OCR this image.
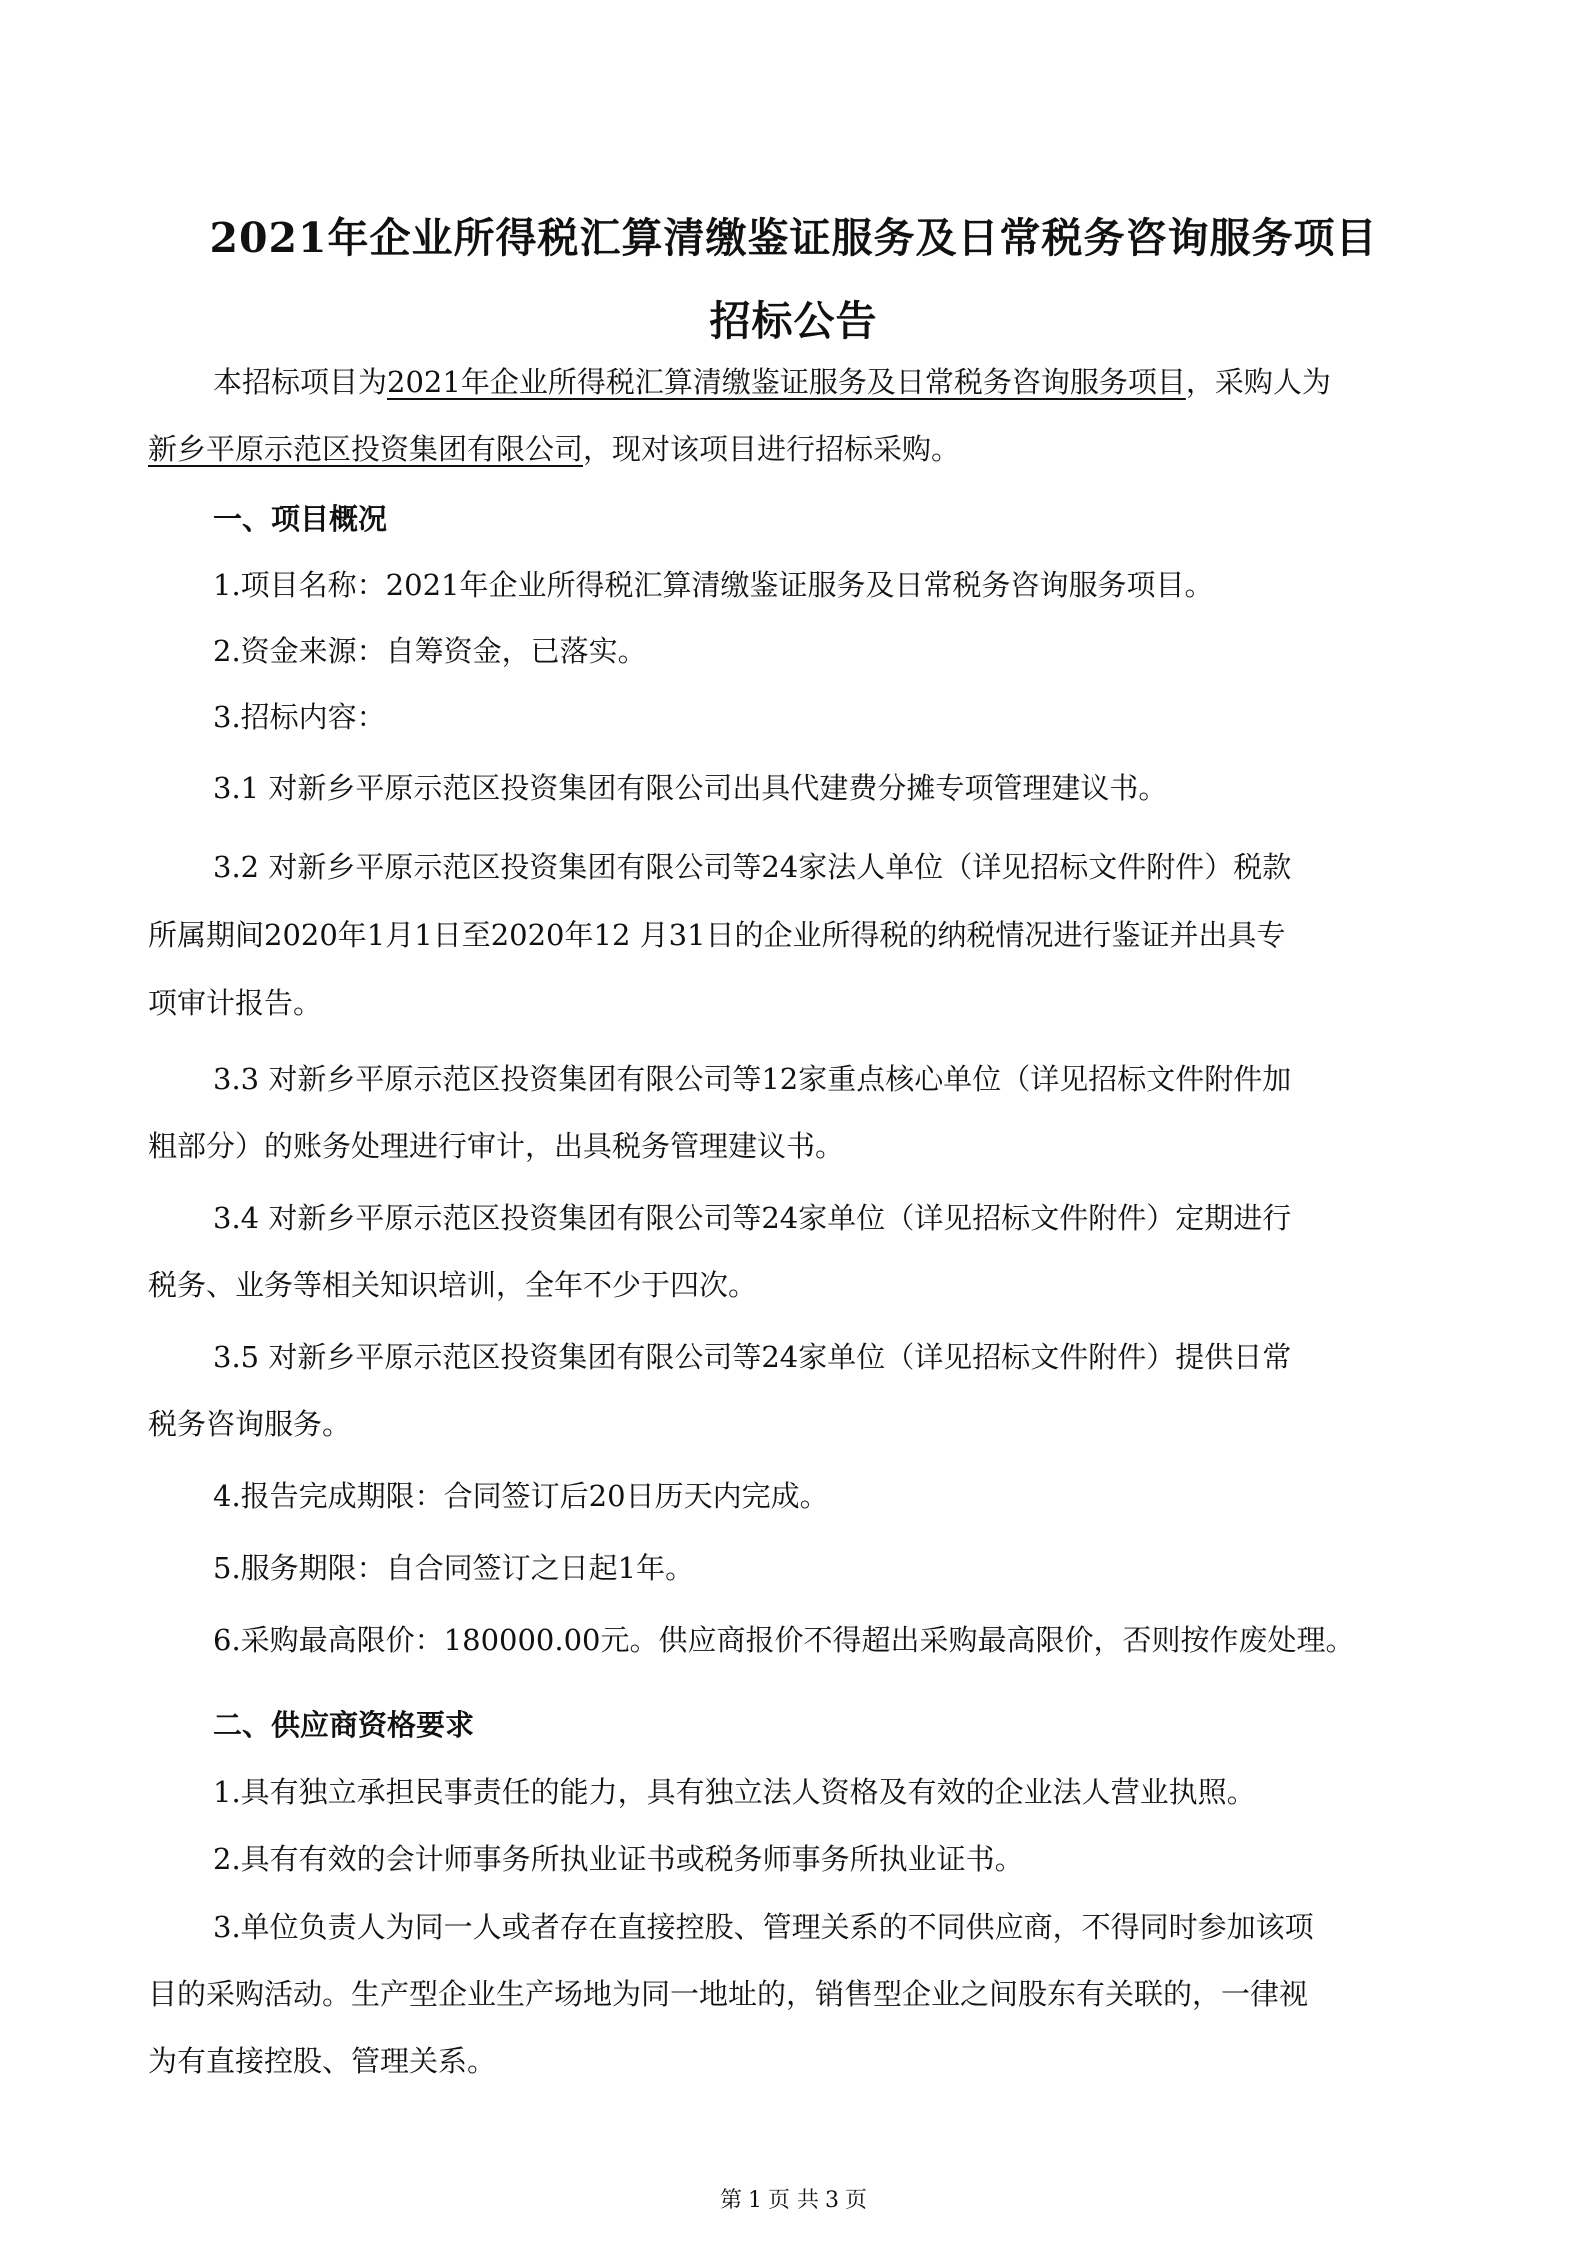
2021年企业所得税汇算清缴鉴证服务及日常税务咨询服务项目
招标公告

本招标项目为2021年企业所得税汇算清缴鉴证服务及日常税务咨询服务项目，采购人为

新乡平原示范区投资集团有限公司，现对该项目进行招标采购。

一、项目概况

1.项目名称：2021年企业所得税汇算清缴鉴证服务及日常税务咨询服务项目。

2.资金来源：自筹资金，已落实。

3.招标内容：

3.1 对新乡平原示范区投资集团有限公司出具代建费分摊专项管理建议书。

3.2 对新乡平原示范区投资集团有限公司等24家法人单位（详见招标文件附件）税款

所属期间2020年1月1日至2020年12 月31日的企业所得税的纳税情况进行鉴证并出具专

项审计报告。

3.3 对新乡平原示范区投资集团有限公司等12家重点核心单位（详见招标文件附件加

粗部分）的账务处理进行审计，出具税务管理建议书。

3.4 对新乡平原示范区投资集团有限公司等24家单位（详见招标文件附件）定期进行

税务、业务等相关知识培训，全年不少于四次。

3.5 对新乡平原示范区投资集团有限公司等24家单位（详见招标文件附件）提供日常

税务咨询服务。

4.报告完成期限：合同签订后20日历天内完成。

5.服务期限：自合同签订之日起1年。

6.采购最高限价：180000.00元。供应商报价不得超出采购最高限价，否则按作废处理。

二、供应商资格要求

1.具有独立承担民事责任的能力，具有独立法人资格及有效的企业法人营业执照。

2.具有有效的会计师事务所执业证书或税务师事务所执业证书。

3.单位负责人为同一人或者存在直接控股、管理关系的不同供应商，不得同时参加该项

目的采购活动。生产型企业生产场地为同一地址的，销售型企业之间股东有关联的，一律视

为有直接控股、管理关系。

第 1 页 共 3 页
